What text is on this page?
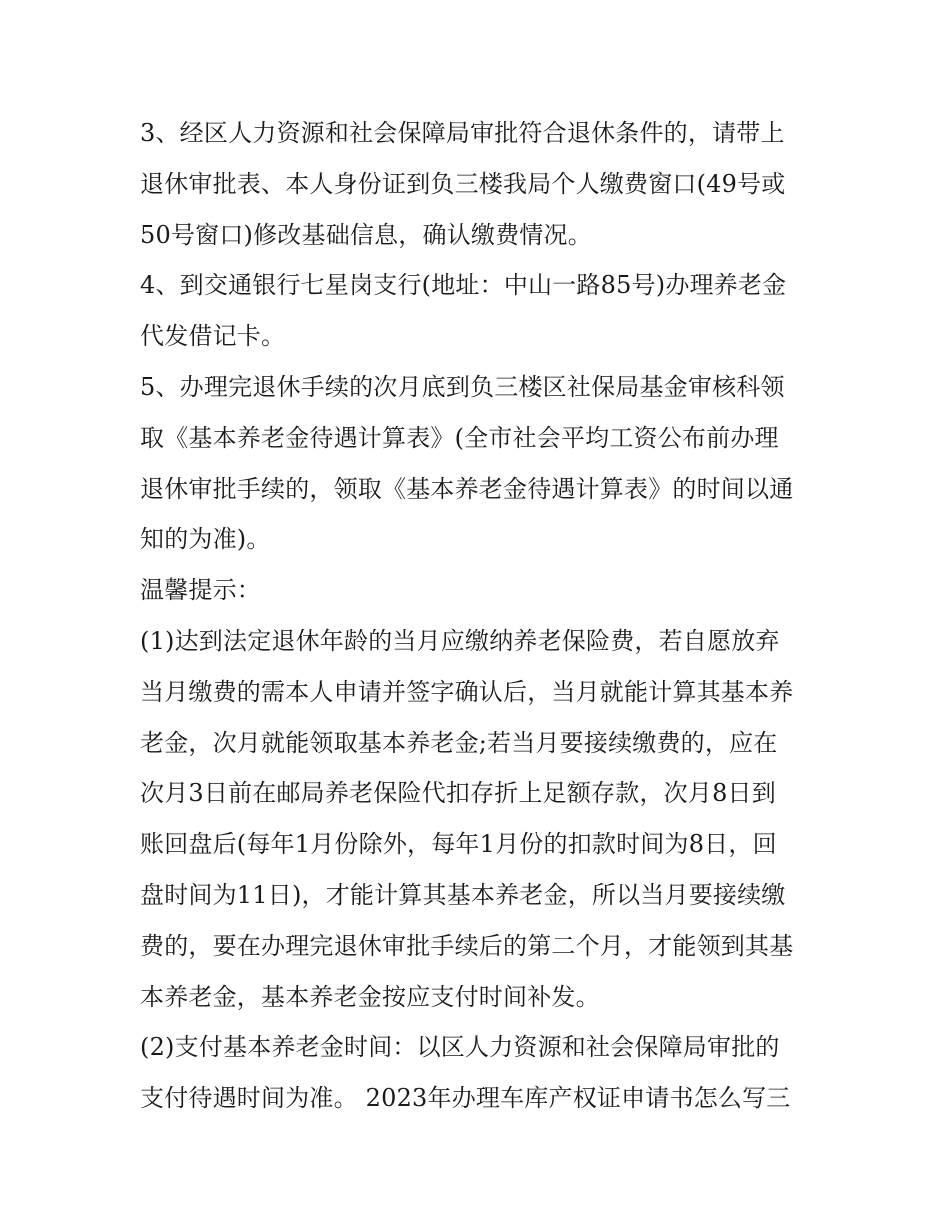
3、经区人力资源和社会保障局审批符合退休条件的，请带上
退休审批表、本人身份证到负三楼我局个人缴费窗口(49号或
50号窗口)修改基础信息，确认缴费情况。
4、到交通银行七星岗支行(地址：中山一路85号)办理养老金
代发借记卡。
5、办理完退休手续的次月底到负三楼区社保局基金审核科领
取《基本养老金待遇计算表》(全市社会平均工资公布前办理
退休审批手续的，领取《基本养老金待遇计算表》的时间以通
知的为准)。
温馨提示：
(1)达到法定退休年龄的当月应缴纳养老保险费，若自愿放弃
当月缴费的需本人申请并签字确认后，当月就能计算其基本养
老金，次月就能领取基本养老金;若当月要接续缴费的，应在
次月3日前在邮局养老保险代扣存折上足额存款，次月8日到
账回盘后(每年1月份除外，每年1月份的扣款时间为8日，回
盘时间为11日)，才能计算其基本养老金，所以当月要接续缴
费的，要在办理完退休审批手续后的第二个月，才能领到其基
本养老金，基本养老金按应支付时间补发。
(2)支付基本养老金时间：以区人力资源和社会保障局审批的
支付待遇时间为准。 2023年办理车库产权证申请书怎么写三
